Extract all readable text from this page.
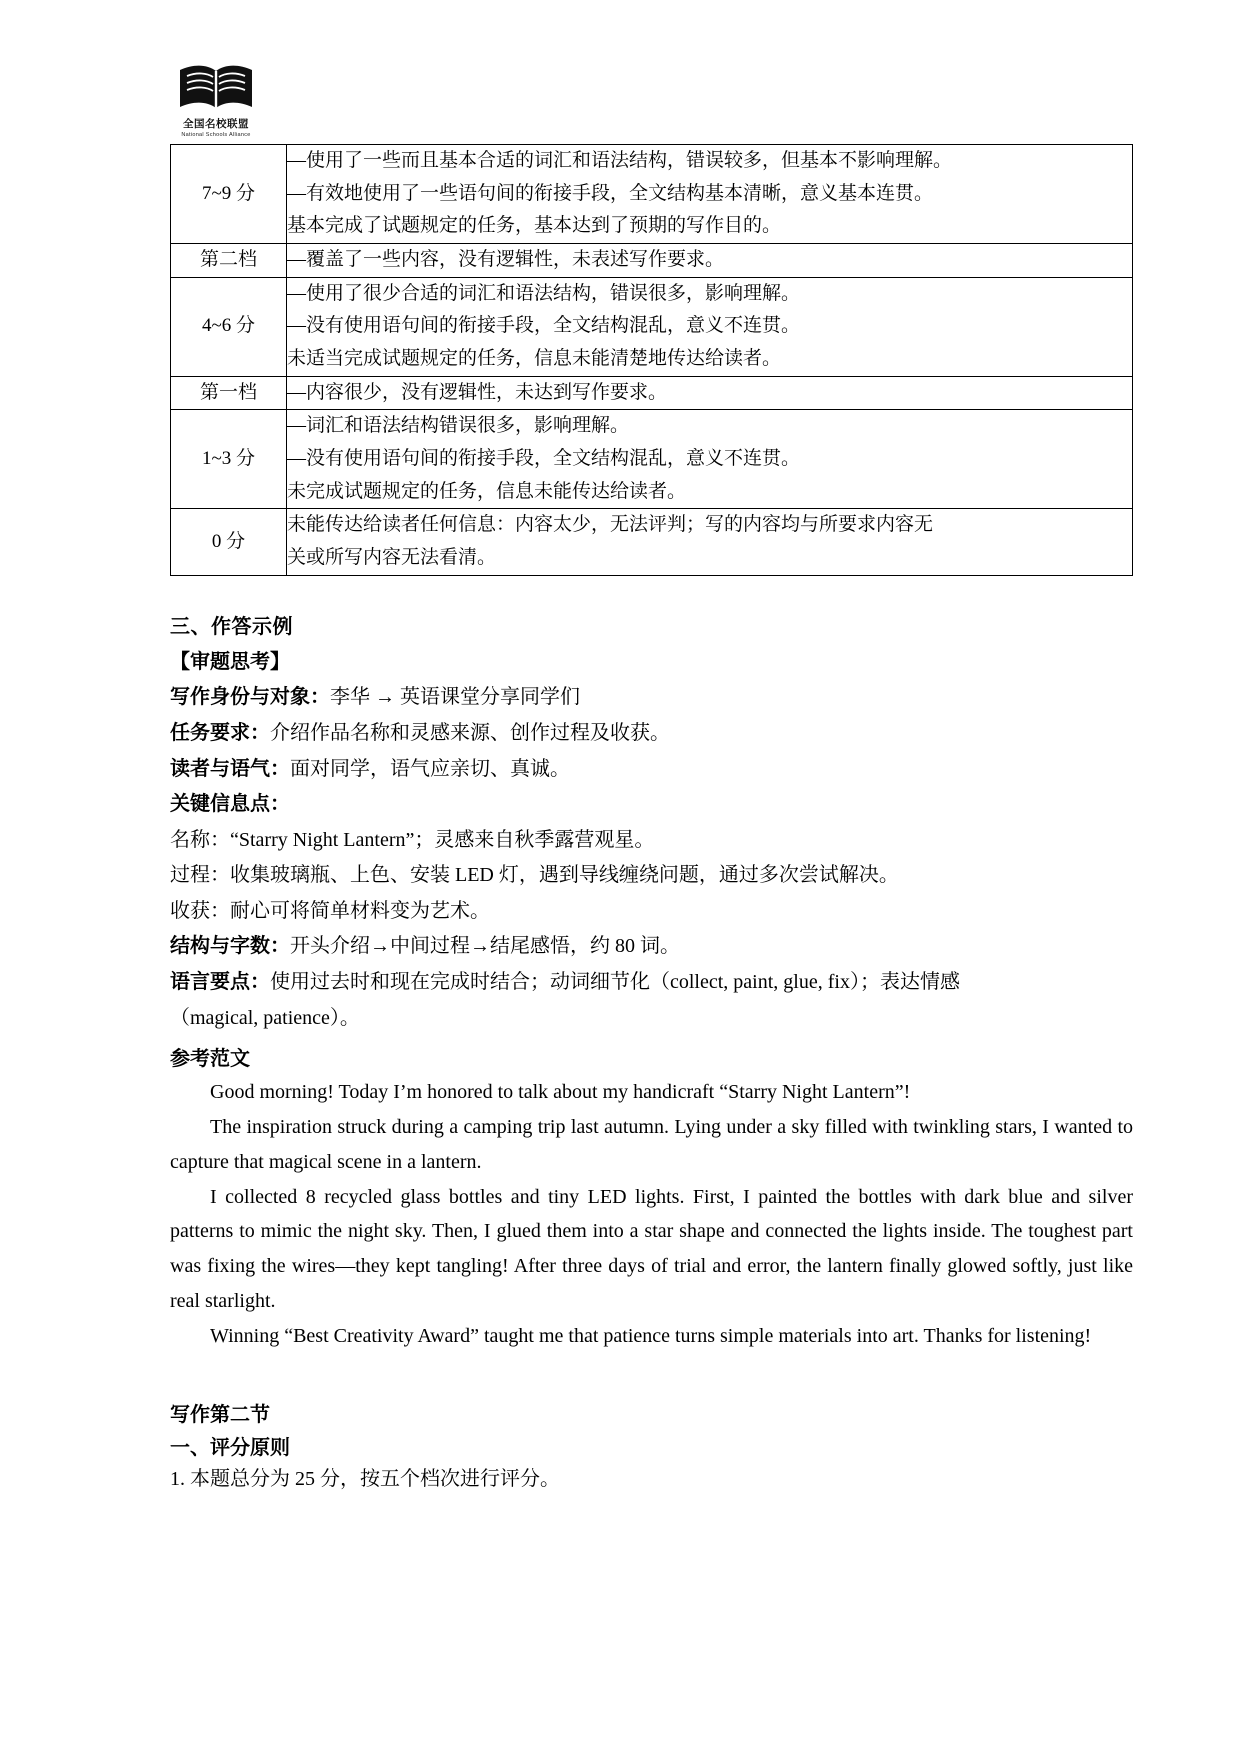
全国名校联盟
National Schools Alliance
7~9 分	—使用了一些而且基本合适的词汇和语法结构，错误较多，但基本不影响理解。

—有效地使用了一些语句间的衔接手段，全文结构基本清晰，意义基本连贯。

基本完成了试题规定的任务，基本达到了预期的写作目的。

第二档	—覆盖了一些内容，没有逻辑性，未表述写作要求。

4~6 分	—使用了很少合适的词汇和语法结构，错误很多，影响理解。

—没有使用语句间的衔接手段，全文结构混乱，意义不连贯。

未适当完成试题规定的任务，信息未能清楚地传达给读者。

第一档	—内容很少，没有逻辑性，未达到写作要求。

1~3 分	—词汇和语法结构错误很多，影响理解。

—没有使用语句间的衔接手段，全文结构混乱，意义不连贯。

未完成试题规定的任务，信息未能传达给读者。

0 分	未能传达给读者任何信息：内容太少，无法评判；写的内容均与所要求内容无

关或所写内容无法看清。

三、作答示例

【审题思考】

写作身份与对象：李华 → 英语课堂分享同学们

任务要求：介绍作品名称和灵感来源、创作过程及收获。

读者与语气：面对同学，语气应亲切、真诚。

关键信息点：

名称：“Starry Night Lantern”；灵感来自秋季露营观星。

过程：收集玻璃瓶、上色、安装 LED 灯，遇到导线缠绕问题，通过多次尝试解决。

收获：耐心可将简单材料变为艺术。

结构与字数：开头介绍→中间过程→结尾感悟，约 80 词。

语言要点：使用过去时和现在完成时结合；动词细节化（collect, paint, glue, fix）；表达情感

（magical, patience）。

参考范文

Good morning! Today I’m honored to talk about my handicraft “Starry Night Lantern”!

The inspiration struck during a camping trip last autumn. Lying under a sky filled with twinkling stars, I wanted to capture that magical scene in a lantern.

I collected 8 recycled glass bottles and tiny LED lights. First, I painted the bottles with dark blue and silver patterns to mimic the night sky. Then, I glued them into a star shape and connected the lights inside. The toughest part was fixing the wires—they kept tangling! After three days of trial and error, the lantern finally glowed softly, just like real starlight.

Winning “Best Creativity Award” taught me that patience turns simple materials into art. Thanks for listening!

写作第二节
一、评分原则

1. 本题总分为 25 分，按五个档次进行评分。
